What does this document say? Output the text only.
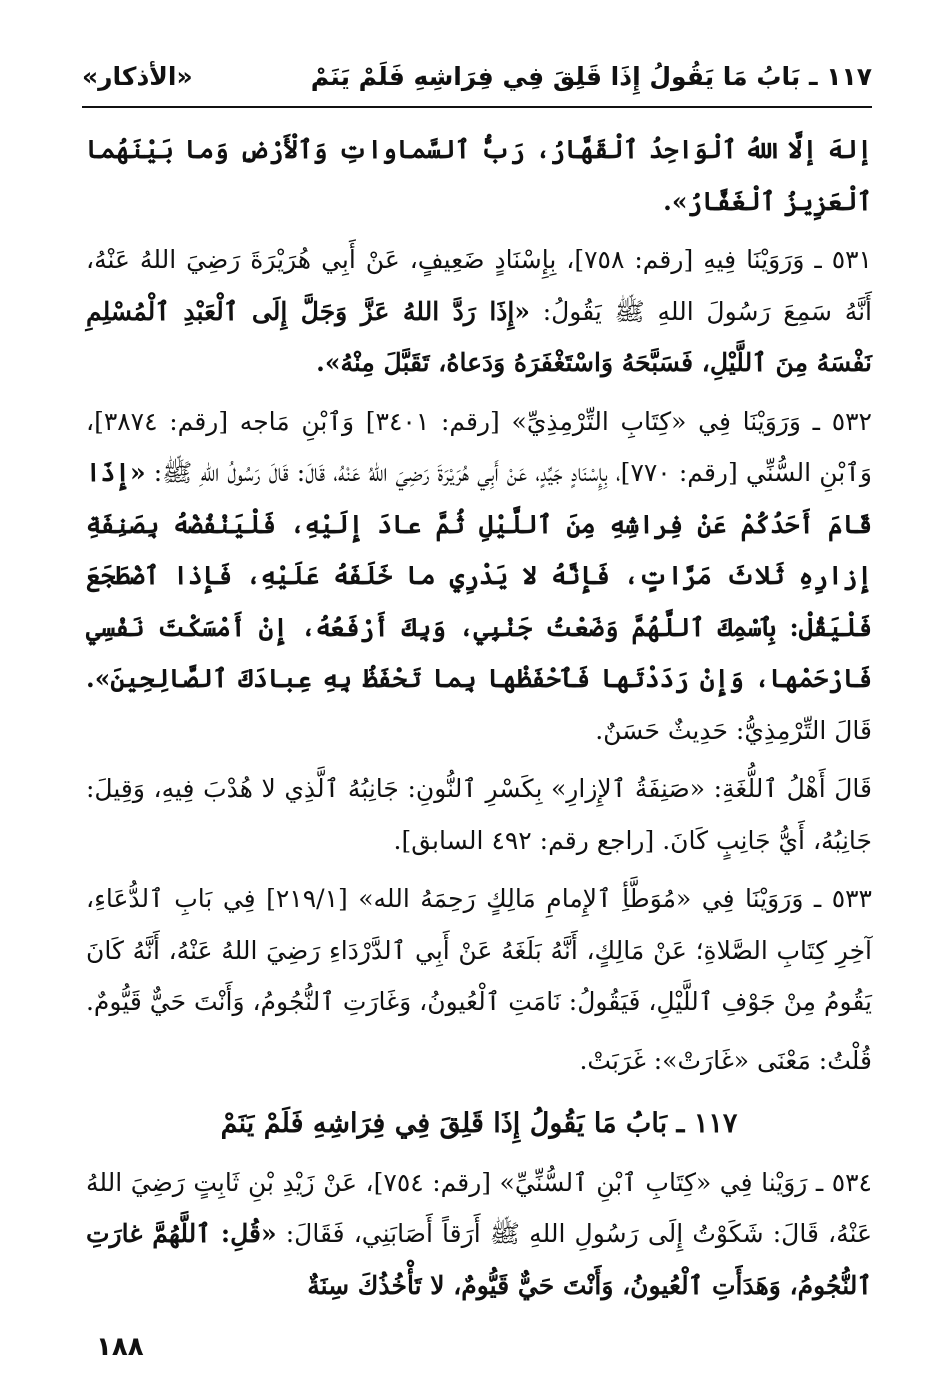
١١٧ ـ بَابُ مَا يَقُولُ إِذَا قَلِقَ فِي فِرَاشِهِ فَلَمْ يَنَمْ
«الأذكار»

إلهَ إلَّا اللهُ ٱلْوَاحِدُ ٱلْقَهَّارُ، رَبُّ ٱلسَّماواتِ وَٱلْأَرْضِ وَما بَيْنَهُما ٱلْعَزِيزُ ٱلْغَفَّارُ».

٥٣١ ـ وَرَوَيْنَا فِيهِ [رقم: ٧٥٨]، بِإِسْنَادٍ ضَعِيفٍ، عَنْ أَبِي هُرَيْرَةَ رَضِيَ اللهُ عَنْهُ، أَنَّهُ سَمِعَ رَسُولَ اللهِ ﷺ يَقُولُ: «إِذَا رَدَّ اللهُ عَزَّ وَجَلَّ إِلَى ٱلْعَبْدِ ٱلْمُسْلِمِ نَفْسَهُ مِنَ ٱللَّيْلِ، فَسَبَّحَهُ وَاسْتَغْفَرَهُ وَدَعاهُ، تَقَبَّلَ مِنْهُ».

٥٣٢ ـ وَرَوَيْنَا فِي «كِتَابِ التِّرْمِذِيِّ» [رقم: ٣٤٠١] وَٱبْنِ مَاجه [رقم: ٣٨٧٤]، وَٱبْنِ السُّنِّي [رقم: ٧٧٠]، بِإِسْنَادٍ جَيِّدٍ، عَنْ أَبِي هُرَيْرَةَ رَضِيَ اللهُ عَنْهُ، قَالَ: قَالَ رَسُولُ اللهِ ﷺ: «إِذَا قَامَ أَحَدُكُمْ عَنْ فِراشِهِ مِنَ ٱللَّيْلِ ثُمَّ عادَ إِلَيْهِ، فَلْيَنْفُضْهُ بِصَنِفَةِ إِزارِهِ ثَلاثَ مَرَّاتٍ، فَإِنَّهُ لا يَدْرِي ما خَلَفَهُ عَلَيْهِ، فَإِذا ٱضْطَجَعَ فَلْيَقُلْ: بِٱسْمِكَ ٱللَّهُمَّ وَضَعْتُ جَنْبِي، وَبِكَ أَرْفَعُهُ، إِنْ أَمْسَكْتَ نَفْسِي فَارْحَمْها، وَإِنْ رَدَدْتَها فَٱحْفَظْها بِما تَحْفَظُ بِهِ عِبادَكَ ٱلصَّالِحِينَ». قَالَ التِّرْمِذِيُّ: حَدِيثٌ حَسَنٌ.

قَالَ أَهْلُ ٱللُّغَةِ: «صَنِفَةُ ٱلإِزارِ» بِكَسْرِ ٱلنُّونِ: جَانِبُهُ ٱلَّذِي لا هُدْبَ فِيهِ، وَقِيلَ: جَانِبُهُ، أَيُّ جَانِبٍ كَانَ. [راجع رقم: ٤٩٢ السابق].

٥٣٣ ـ وَرَوَيْنَا فِي «مُوَطَّأِ ٱلإِمامِ مَالِكٍ رَحِمَهُ الله» [٢١٩/١] فِي بَابِ ٱلدُّعَاءِ، آخِرِ كِتَابِ الصَّلاةِ؛ عَنْ مَالِكٍ، أَنَّهُ بَلَغَهُ عَنْ أَبِي ٱلدَّرْدَاءِ رَضِيَ اللهُ عَنْهُ، أَنَّهُ كَانَ يَقُومُ مِنْ جَوْفِ ٱللَّيْلِ، فَيَقُولُ: نَامَتِ ٱلْعُيونُ، وَغَارَتِ ٱلنُّجُومُ، وَأَنْتَ حَيٌّ قَيُّومٌ.

قُلْتُ: مَعْنَى «غَارَتْ»: غَرَبَتْ.

١١٧ ـ بَابُ مَا يَقُولُ إِذَا قَلِقَ فِي فِرَاشِهِ فَلَمْ يَنَمْ

٥٣٤ ـ رَوَيْنا فِي «كِتَابِ ٱبْنِ ٱلسُّنِّيِّ» [رقم: ٧٥٤]، عَنْ زَيْدِ بْنِ ثَابِتٍ رَضِيَ اللهُ عَنْهُ، قَالَ: شَكَوْتُ إِلَى رَسُولِ اللهِ ﷺ أَرَقاً أَصَابَنِي، فَقَالَ: «قُلِ: ٱللَّهُمَّ غارَتِ ٱلنُّجُومُ، وَهَدَأَتِ ٱلْعُيونُ، وَأَنْتَ حَيٌّ قَيُّومٌ، لا تَأْخُذُكَ سِنَةٌ

١٨٨
